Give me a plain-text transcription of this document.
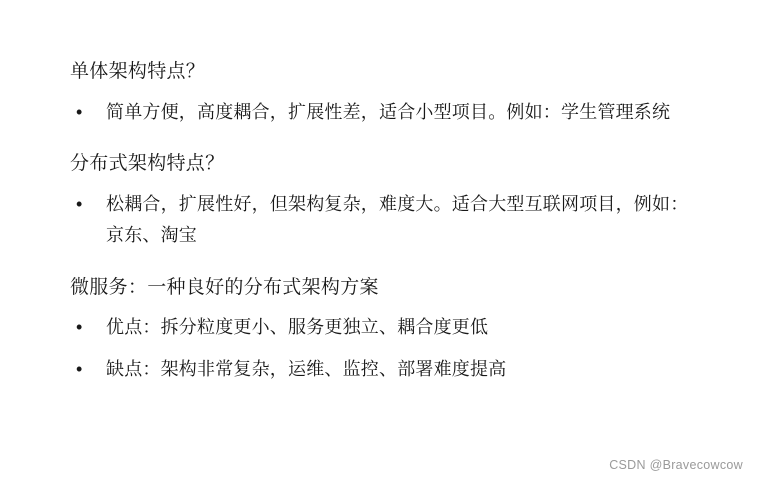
单体架构特点？

• 简单方便，高度耦合，扩展性差，适合小型项目。例如：学生管理系统

分布式架构特点？

• 松耦合，扩展性好，但架构复杂，难度大。适合大型互联网项目，例如：京东、淘宝

微服务：一种良好的分布式架构方案

• 优点：拆分粒度更小、服务更独立、耦合度更低
• 缺点：架构非常复杂，运维、监控、部署难度提高
CSDN @Bravecowcow
